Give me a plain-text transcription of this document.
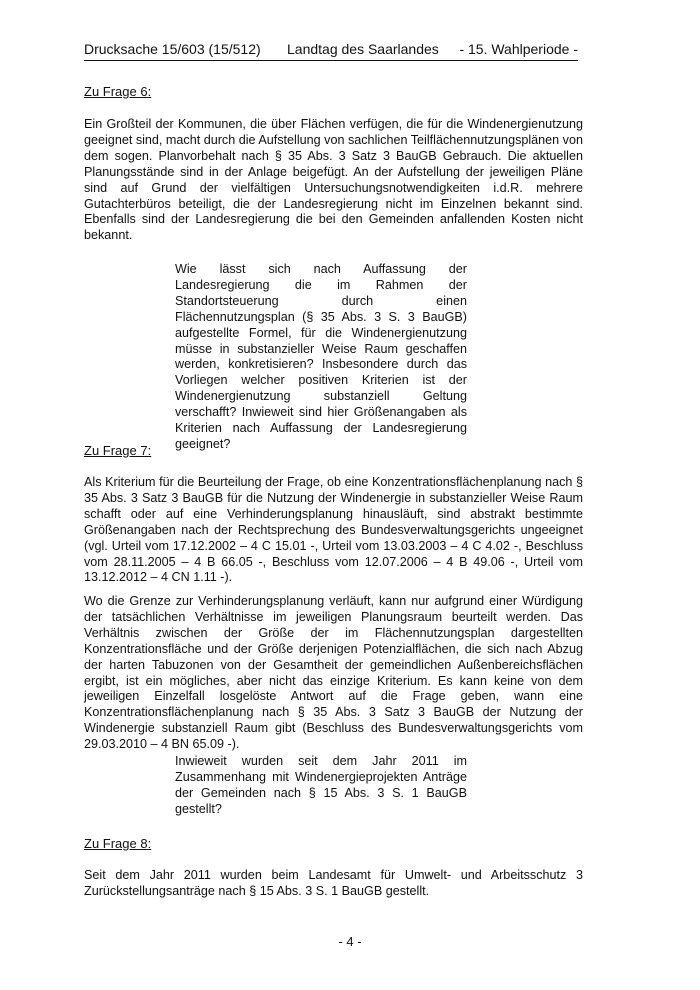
Drucksache 15/603 (15/512) Landtag des Saarlandes - 15. Wahlperiode -
Zu Frage 6:

Ein Großteil der Kommunen, die über Flächen verfügen, die für die Windenergienutzung geeignet sind, macht durch die Aufstellung von sachlichen Teilflächennutzungsplänen von dem sogen. Planvorbehalt nach § 35 Abs. 3 Satz 3 BauGB Gebrauch. Die aktuellen Planungsstände sind in der Anlage beigefügt. An der Aufstellung der jeweiligen Pläne sind auf Grund der vielfältigen Untersuchungsnotwendigkeiten i.d.R. mehrere Gutachterbüros beteiligt, die der Landesregierung nicht im Einzelnen bekannt sind. Ebenfalls sind der Landesregierung die bei den Gemeinden anfallenden Kosten nicht bekannt.

Wie lässt sich nach Auffassung der Landesregierung die im Rahmen der Standortsteuerung durch einen Flächennutzungsplan (§ 35 Abs. 3 S. 3 BauGB) aufgestellte Formel, für die Windenergienutzung müsse in substanzieller Weise Raum geschaffen werden, konkretisieren? Insbesondere durch das Vorliegen welcher positiven Kriterien ist der Windenergienutzung substanziell Geltung verschafft? Inwieweit sind hier Größenangaben als Kriterien nach Auffassung der Landesregierung geeignet?

Zu Frage 7:

Als Kriterium für die Beurteilung der Frage, ob eine Konzentrationsflächenplanung nach § 35 Abs. 3 Satz 3 BauGB für die Nutzung der Windenergie in substanzieller Weise Raum schafft oder auf eine Verhinderungsplanung hinausläuft, sind abstrakt bestimmte Größenangaben nach der Rechtsprechung des Bundesverwaltungsgerichts ungeeignet (vgl. Urteil vom 17.12.2002 – 4 C 15.01 -, Urteil vom 13.03.2003 – 4 C 4.02 -, Beschluss vom 28.11.2005 – 4 B 66.05 -, Beschluss vom 12.07.2006 – 4 B 49.06 -, Urteil vom 13.12.2012 – 4 CN 1.11 -).

Wo die Grenze zur Verhinderungsplanung verläuft, kann nur aufgrund einer Würdigung der tatsächlichen Verhältnisse im jeweiligen Planungsraum beurteilt werden. Das Verhältnis zwischen der Größe der im Flächennutzungsplan dargestellten Konzentrationsfläche und der Größe derjenigen Potenzialflächen, die sich nach Abzug der harten Tabuzonen von der Gesamtheit der gemeindlichen Außenbereichsflächen ergibt, ist ein mögliches, aber nicht das einzige Kriterium. Es kann keine von dem jeweiligen Einzelfall losgelöste Antwort auf die Frage geben, wann eine Konzentrationsflächenplanung nach § 35 Abs. 3 Satz 3 BauGB der Nutzung der Windenergie substanziell Raum gibt (Beschluss des Bundesverwaltungsgerichts vom 29.03.2010 – 4 BN 65.09 -).

Inwieweit wurden seit dem Jahr 2011 im Zusammenhang mit Windenergieprojekten Anträge der Gemeinden nach § 15 Abs. 3 S. 1 BauGB gestellt?

Zu Frage 8:

Seit dem Jahr 2011 wurden beim Landesamt für Umwelt- und Arbeitsschutz 3 Zurückstellungsanträge nach § 15 Abs. 3 S. 1 BauGB gestellt.

- 4 -
